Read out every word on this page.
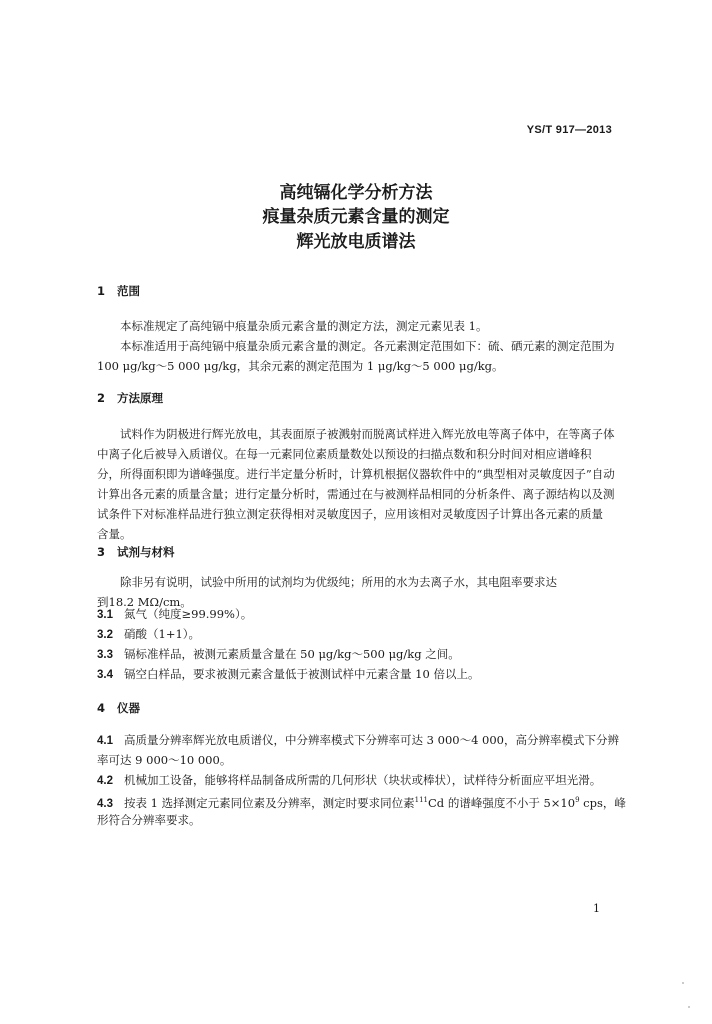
YS/T 917—2013
高纯镉化学分析方法
痕量杂质元素含量的测定
辉光放电质谱法
1 范围
本标准规定了高纯镉中痕量杂质元素含量的测定方法，测定元素见表 1。
本标准适用于高纯镉中痕量杂质元素含量的测定。各元素测定范围如下：硫、硒元素的测定范围为
100 μg/kg～5 000 μg/kg，其余元素的测定范围为 1 μg/kg～5 000 μg/kg。
2 方法原理
试料作为阴极进行辉光放电，其表面原子被溅射而脱离试样进入辉光放电等离子体中，在等离子体
中离子化后被导入质谱仪。在每一元素同位素质量数处以预设的扫描点数和积分时间对相应谱峰积
分，所得面积即为谱峰强度。进行半定量分析时，计算机根据仪器软件中的“典型相对灵敏度因子”自动
计算出各元素的质量含量；进行定量分析时，需通过在与被测样品相同的分析条件、离子源结构以及测
试条件下对标准样品进行独立测定获得相对灵敏度因子，应用该相对灵敏度因子计算出各元素的质量
含量。
3 试剂与材料
除非另有说明，试验中所用的试剂均为优级纯；所用的水为去离子水，其电阻率要求达
到18.2 MΩ/cm。
3.1 氮气（纯度≥99.99%）。
3.2 硝酸（1+1）。
3.3 镉标准样品，被测元素质量含量在 50 μg/kg～500 μg/kg 之间。
3.4 镉空白样品，要求被测元素含量低于被测试样中元素含量 10 倍以上。
4 仪器
4.1 高质量分辨率辉光放电质谱仪，中分辨率模式下分辨率可达 3 000～4 000，高分辨率模式下分辨
率可达 9 000～10 000。
4.2 机械加工设备，能够将样品制备成所需的几何形状（块状或棒状），试样待分析面应平坦光滑。
4.3 按表 1 选择测定元素同位素及分辨率，测定时要求同位素$^{111}$Cd 的谱峰强度不小于 $5\times 10^9$ cps，峰
形符合分辨率要求。
1
